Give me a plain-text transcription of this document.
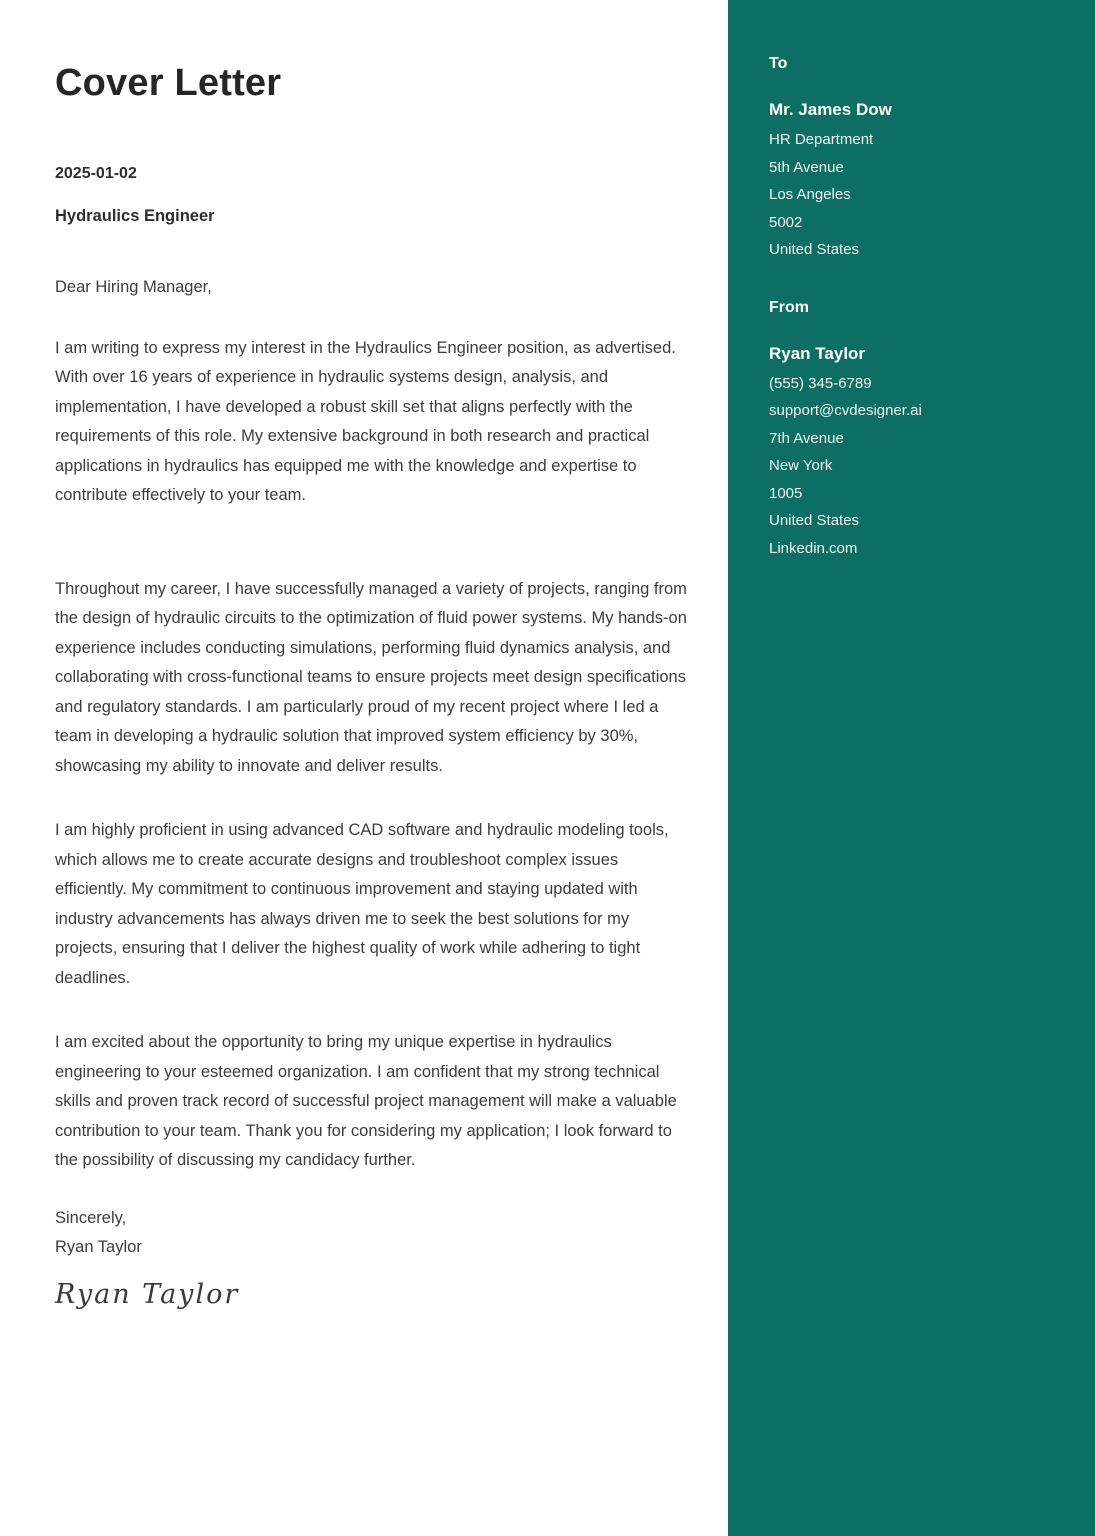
Cover Letter

2025-01-02

Hydraulics Engineer

Dear Hiring Manager,

I am writing to express my interest in the Hydraulics Engineer position, as advertised. With over 16 years of experience in hydraulic systems design, analysis, and implementation, I have developed a robust skill set that aligns perfectly with the requirements of this role. My extensive background in both research and practical applications in hydraulics has equipped me with the knowledge and expertise to contribute effectively to your team.

Throughout my career, I have successfully managed a variety of projects, ranging from the design of hydraulic circuits to the optimization of fluid power systems. My hands-on experience includes conducting simulations, performing fluid dynamics analysis, and collaborating with cross-functional teams to ensure projects meet design specifications and regulatory standards. I am particularly proud of my recent project where I led a team in developing a hydraulic solution that improved system efficiency by 30%, showcasing my ability to innovate and deliver results.

I am highly proficient in using advanced CAD software and hydraulic modeling tools, which allows me to create accurate designs and troubleshoot complex issues efficiently. My commitment to continuous improvement and staying updated with industry advancements has always driven me to seek the best solutions for my projects, ensuring that I deliver the highest quality of work while adhering to tight deadlines.

I am excited about the opportunity to bring my unique expertise in hydraulics engineering to your esteemed organization. I am confident that my strong technical skills and proven track record of successful project management will make a valuable contribution to your team. Thank you for considering my application; I look forward to the possibility of discussing my candidacy further.

Sincerely,

Ryan Taylor

Ryan Taylor
To

Mr. James Dow

HR Department

5th Avenue

Los Angeles

5002

United States

From

Ryan Taylor

(555) 345-6789

support@cvdesigner.ai

7th Avenue

New York

1005

United States

Linkedin.com
